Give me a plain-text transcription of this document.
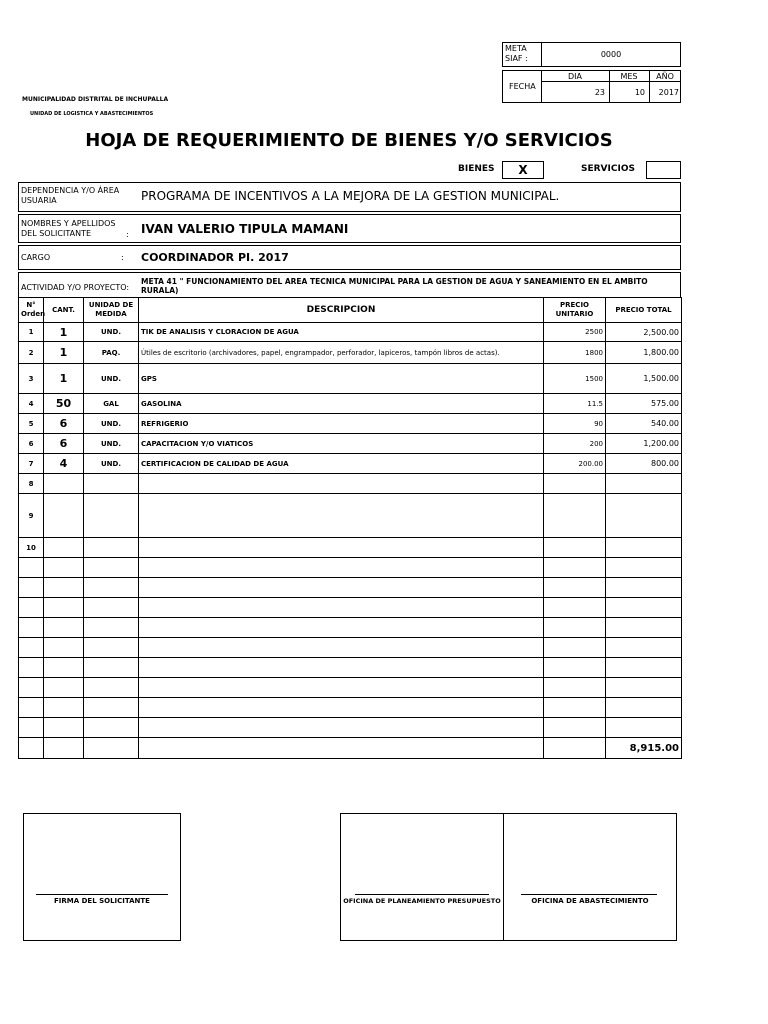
MUNICIPALIDAD DISTRITAL DE INCHUPALLA
UNIDAD DE LOGISTICA Y ABASTECIMIENTOS
META SIAF :	0000
FECHA
DIA	MES	AÑO
23	10	2017
HOJA DE REQUERIMIENTO DE BIENES Y/O SERVICIOS
BIENES	X	SERVICIOS
DEPENDENCIA Y/O ÁREA USUARIA	PROGRAMA DE INCENTIVOS A LA MEJORA DE LA GESTION MUNICIPAL.
NOMBRES Y APELLIDOS DEL SOLICITANTE	: IVAN VALERIO TIPULA MAMANI
CARGO	: COORDINADOR PI. 2017
ACTIVIDAD Y/O PROYECTO:
META 41 " FUNCIONAMIENTO DEL AREA TECNICA MUNICIPAL PARA LA GESTION DE AGUA Y SANEAMIENTO EN EL AMBITO RURALA)
N° Orden	CANT.	UNIDAD DE MEDIDA	DESCRIPCION	PRECIO UNITARIO	PRECIO TOTAL
1	1	UND.	TIK DE ANALISIS Y CLORACION DE AGUA	2500	2,500.00
2	1	PAQ.	Útiles de escritorio (archivadores, papel, engrampador, perforador, lapiceros, tampón libros de actas).	1800	1,800.00
3	1	UND.	GPS	1500	1,500.00
4	50	GAL	GASOLINA	11.5	575.00
5	6	UND.	REFRIGERIO	90	540.00
6	6	UND.	CAPACITACION Y/O VIATICOS	200	1,200.00
7	4	UND.	CERTIFICACION DE CALIDAD DE AGUA	200.00	800.00
8					
9					
10					

					8,915.00
FIRMA DEL SOLICITANTE	OFICINA DE PLANEAMIENTO PRESUPUESTO	OFICINA DE ABASTECIMIENTO
